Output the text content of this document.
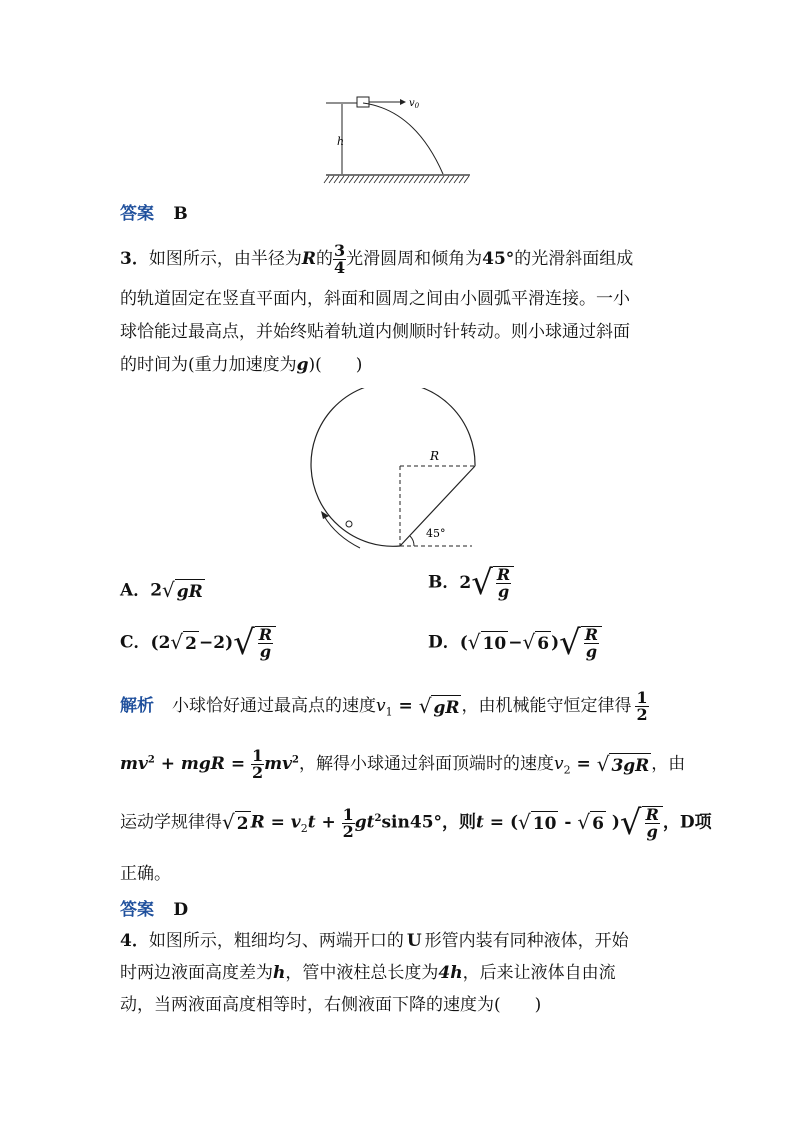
$v_0$
h
答案 B
3．如图所示，由半径为R的 $\frac{3}{4}$ 光滑圆周和倾角为45°的光滑斜面组成
的轨道固定在竖直平面内，斜面和圆周之间由小圆弧平滑连接。一小
球恰能过最高点，并始终贴着轨道内侧顺时针转动。则小球通过斜面
的时间为(重力加速度为g)(　　)
R
45°
A．2√ gR	B．$2√ \frac{R}{g}$
C．(2√ $2 -2)√ \frac{R}{g}$	D．(√ 10 −√ 6 )√ $\frac{R}{g}$
解析 小球恰好通过最高点的速度$v_1$ = √ gR ，由机械能守恒定律得 $\frac{1}{2}$
$mv^2$ + mgR = $\frac{1}{2} mv^2$，解得小球通过斜面顶端时的速度$v_2$ = √ 3gR ，由
运动学规律得√ 2 $R = v_2t + \frac{1}{2} gt^2\sin 45^\circ$，则t = (√ 10 - √ 6 )√ $\frac{R}{g}$ ，D项
正确。
答案 D
4．如图所示，粗细均匀、两端开口的 U 形管内装有同种液体，开始
时两边液面高度差为h，管中液柱总长度为4h，后来让液体自由流
动，当两液面高度相等时，右侧液面下降的速度为(　　)
